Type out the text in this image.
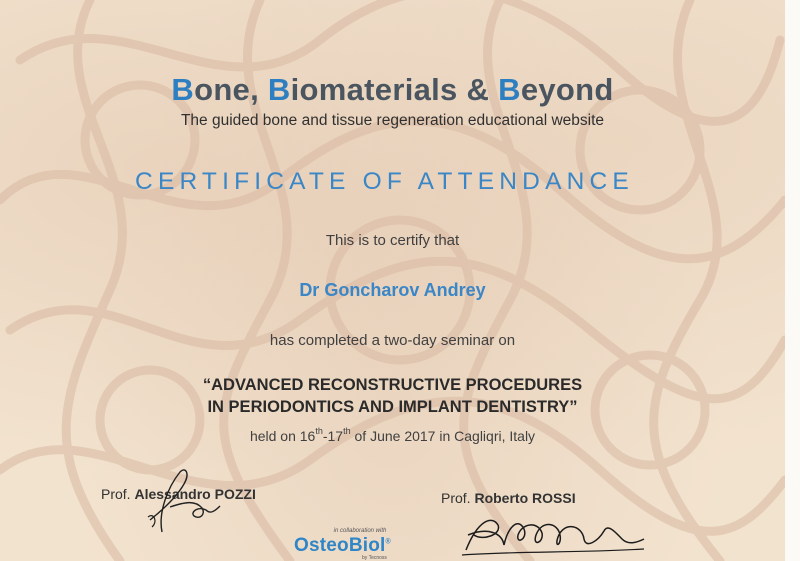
Bone, Biomaterials & Beyond
The guided bone and tissue regeneration educational website
CERTIFICATE OF ATTENDANCE
This is to certify that
Dr Goncharov Andrey
has completed a two-day seminar on
“ADVANCED RECONSTRUCTIVE PROCEDURES
IN PERIODONTICS AND IMPLANT DENTISTRY”
held on 16th-17th of June 2017 in Cagliqri, Italy
Prof. Alessandro POZZI	Prof. Roberto ROSSI
in collaboration with
OsteoBiol®
by Tecnoss
